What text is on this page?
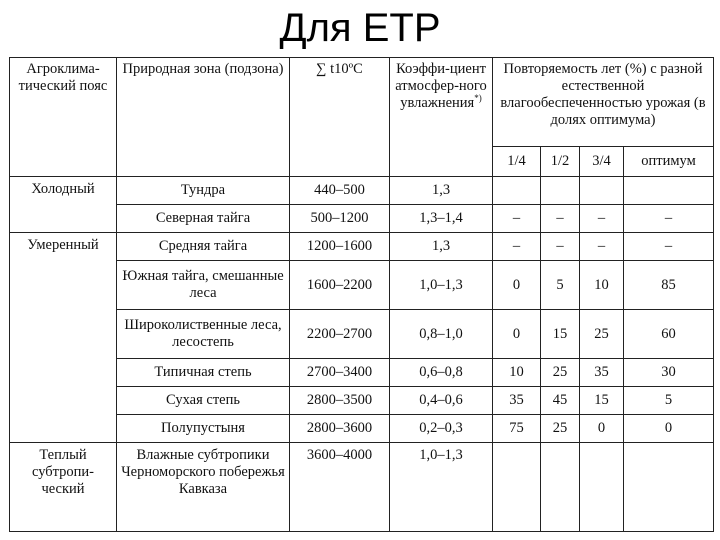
Для ЕТР
Агроклима-тический пояс	Природная зона (подзона)	∑ t10ºC	Коэффи-циент атмосфер-ного увлажнения*)	Повторяемость лет (%) с разной естественной влагообеспеченностью урожая (в долях оптимума)			
				1/4	1/2	3/4	оптимум
Холодный	Тундра	440–500	1,3				
	Северная тайга	500–1200	1,3–1,4	–	–	–	–
Умеренный	Средняя тайга	1200–1600	1,3	–	–	–	–
	Южная тайга, смешанные леса	1600–2200	1,0–1,3	0	5	10	85
	Широколиственные леса, лесостепь	2200–2700	0,8–1,0	0	15	25	60
	Типичная степь	2700–3400	0,6–0,8	10	25	35	30
	Сухая степь	2800–3500	0,4–0,6	35	45	15	5
	Полупустыня	2800–3600	0,2–0,3	75	25	0	0
Теплый субтропи-ческий	Влажные субтропики Черноморского побережья Кавказа	3600–4000	1,0–1,3				
